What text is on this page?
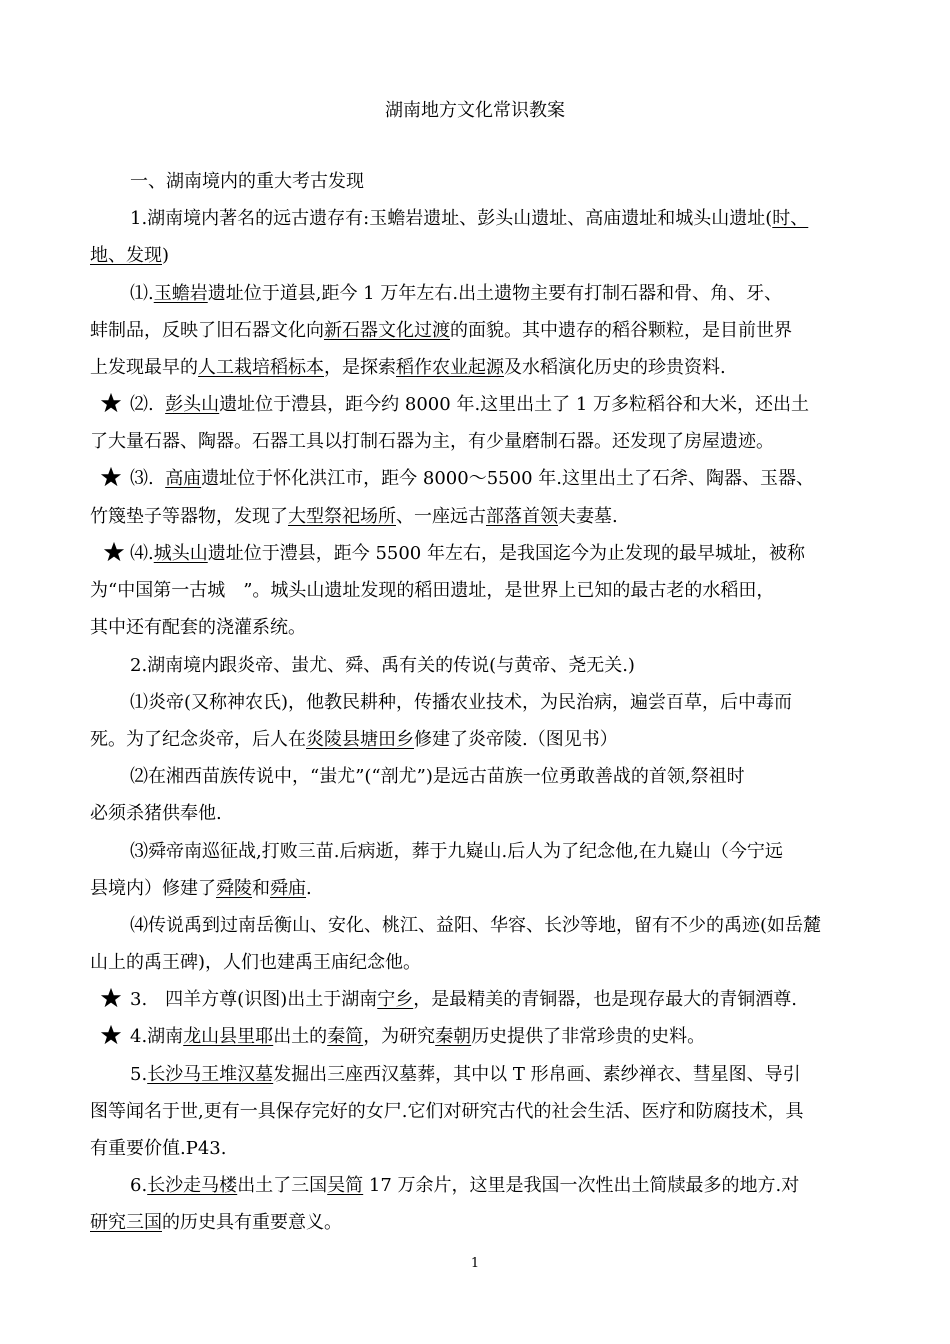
湖南地方文化常识教案
一、湖南境内的重大考古发现
1.湖南境内著名的远古遗存有:玉蟾岩遗址、彭头山遗址、高庙遗址和城头山遗址(时、
地、发现)
⑴.玉蟾岩遗址位于道县,距今 1 万年左右.出土遗物主要有打制石器和骨、角、牙、
蚌制品，反映了旧石器文化向新石器文化过渡的面貌。其中遗存的稻谷颗粒，是目前世界
上发现最早的人工栽培稻标本，是探索稻作农业起源及水稻演化历史的珍贵资料.
⑵. 彭头山遗址位于澧县，距今约 8000 年.这里出土了 1 万多粒稻谷和大米，还出土
了大量石器、陶器。石器工具以打制石器为主，有少量磨制石器。还发现了房屋遗迹。
⑶. 高庙遗址位于怀化洪江市，距今 8000～5500 年.这里出土了石斧、陶器、玉器、
竹篾垫子等器物，发现了大型祭祀场所、一座远古部落首领夫妻墓.
⑷.城头山遗址位于澧县，距今 5500 年左右，是我国迄今为止发现的最早城址，被称
为“中国第一古城　”。城头山遗址发现的稻田遗址，是世界上已知的最古老的水稻田，
其中还有配套的浇灌系统。
2.湖南境内跟炎帝、蚩尤、舜、禹有关的传说(与黄帝、尧无关.)
⑴炎帝(又称神农氏)，他教民耕种，传播农业技术，为民治病，遍尝百草，后中毒而
死。为了纪念炎帝，后人在炎陵县塘田乡修建了炎帝陵.（图见书）
⑵在湘西苗族传说中，“蚩尤”(“剖尤”)是远古苗族一位勇敢善战的首领,祭祖时
必须杀猪供奉他.
⑶舜帝南巡征战,打败三苗.后病逝，葬于九嶷山.后人为了纪念他,在九嶷山（今宁远
县境内）修建了舜陵和舜庙.
⑷传说禹到过南岳衡山、安化、桃江、益阳、华容、长沙等地，留有不少的禹迹(如岳麓
山上的禹王碑)，人们也建禹王庙纪念他。
3.　四羊方尊(识图)出土于湖南宁乡，是最精美的青铜器，也是现存最大的青铜酒尊.
4.湖南龙山县里耶出土的秦简，为研究秦朝历史提供了非常珍贵的史料。
5.长沙马王堆汉墓发掘出三座西汉墓葬，其中以 T 形帛画、素纱禅衣、彗星图、导引
图等闻名于世,更有一具保存完好的女尸.它们对研究古代的社会生活、医疗和防腐技术，具
有重要价值.P43.
6.长沙走马楼出土了三国吴简 17 万余片，这里是我国一次性出土简牍最多的地方.对
研究三国的历史具有重要意义。
1
